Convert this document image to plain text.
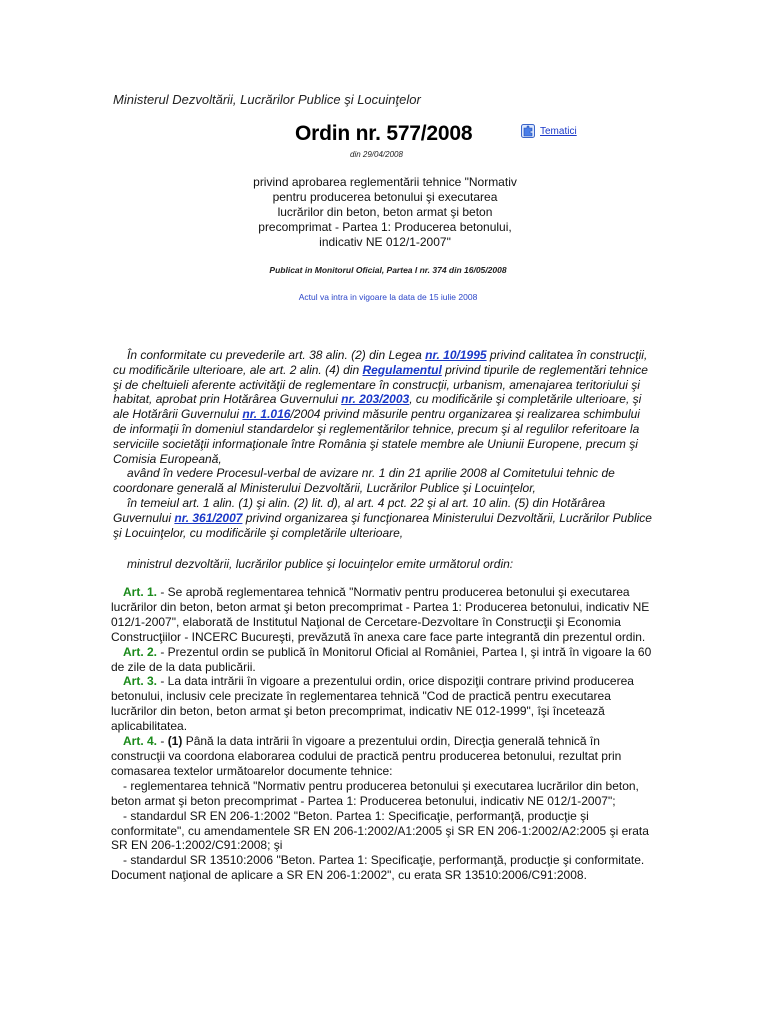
Ministerul Dezvoltării, Lucrărilor Publice şi Locuinţelor
Ordin nr. 577/2008
din 29/04/2008
Tematici
privind aprobarea reglementării tehnice "Normativ pentru producerea betonului şi executarea lucrărilor din beton, beton armat şi beton precomprimat - Partea 1: Producerea betonului, indicativ NE 012/1-2007"
Publicat in Monitorul Oficial, Partea I nr. 374 din 16/05/2008
Actul va intra in vigoare la data de 15 iulie 2008

În conformitate cu prevederile art. 38 alin. (2) din Legea nr. 10/1995 privind calitatea în construcţii, cu modificările ulterioare, ale art. 2 alin. (4) din Regulamentul privind tipurile de reglementări tehnice şi de cheltuieli aferente activităţii de reglementare în construcţii, urbanism, amenajarea teritoriului şi habitat, aprobat prin Hotărârea Guvernului nr. 203/2003, cu modificările şi completările ulterioare, şi ale Hotărârii Guvernului nr. 1.016/2004 privind măsurile pentru organizarea şi realizarea schimbului de informaţii în domeniul standardelor şi reglementărilor tehnice, precum şi al regulilor referitoare la serviciile societăţii informaţionale între România şi statele membre ale Uniunii Europene, precum şi Comisia Europeană,

având în vedere Procesul-verbal de avizare nr. 1 din 21 aprilie 2008 al Comitetului tehnic de coordonare generală al Ministerului Dezvoltării, Lucrărilor Publice şi Locuinţelor,

în temeiul art. 1 alin. (1) şi alin. (2) lit. d), al art. 4 pct. 22 şi al art. 10 alin. (5) din Hotărârea Guvernului nr. 361/2007 privind organizarea şi funcţionarea Ministerului Dezvoltării, Lucrărilor Publice şi Locuinţelor, cu modificările şi completările ulterioare,

ministrul dezvoltării, lucrărilor publice şi locuinţelor emite următorul ordin:

Art. 1. - Se aprobă reglementarea tehnică "Normativ pentru producerea betonului şi executarea lucrărilor din beton, beton armat şi beton precomprimat - Partea 1: Producerea betonului, indicativ NE 012/1-2007", elaborată de Institutul Naţional de Cercetare-Dezvoltare în Construcţii şi Economia Construcţiilor - INCERC Bucureşti, prevăzută în anexa care face parte integrantă din prezentul ordin.

Art. 2. - Prezentul ordin se publică în Monitorul Oficial al României, Partea I, şi intră în vigoare la 60 de zile de la data publicării.

Art. 3. - La data intrării în vigoare a prezentului ordin, orice dispoziţii contrare privind producerea betonului, inclusiv cele precizate în reglementarea tehnică "Cod de practică pentru executarea lucrărilor din beton, beton armat şi beton precomprimat, indicativ NE 012-1999", îşi încetează aplicabilitatea.

Art. 4. - (1) Până la data intrării în vigoare a prezentului ordin, Direcţia generală tehnică în construcţii va coordona elaborarea codului de practică pentru producerea betonului, rezultat prin comasarea textelor următoarelor documente tehnice:

- reglementarea tehnică "Normativ pentru producerea betonului şi executarea lucrărilor din beton, beton armat şi beton precomprimat - Partea 1: Producerea betonului, indicativ NE 012/1-2007";

- standardul SR EN 206-1:2002 "Beton. Partea 1: Specificaţie, performanţă, producţie şi conformitate", cu amendamentele SR EN 206-1:2002/A1:2005 şi SR EN 206-1:2002/A2:2005 şi erata SR EN 206-1:2002/C91:2008; şi

- standardul SR 13510:2006 "Beton. Partea 1: Specificaţie, performanţă, producţie şi conformitate. Document naţional de aplicare a SR EN 206-1:2002", cu erata SR 13510:2006/C91:2008.
